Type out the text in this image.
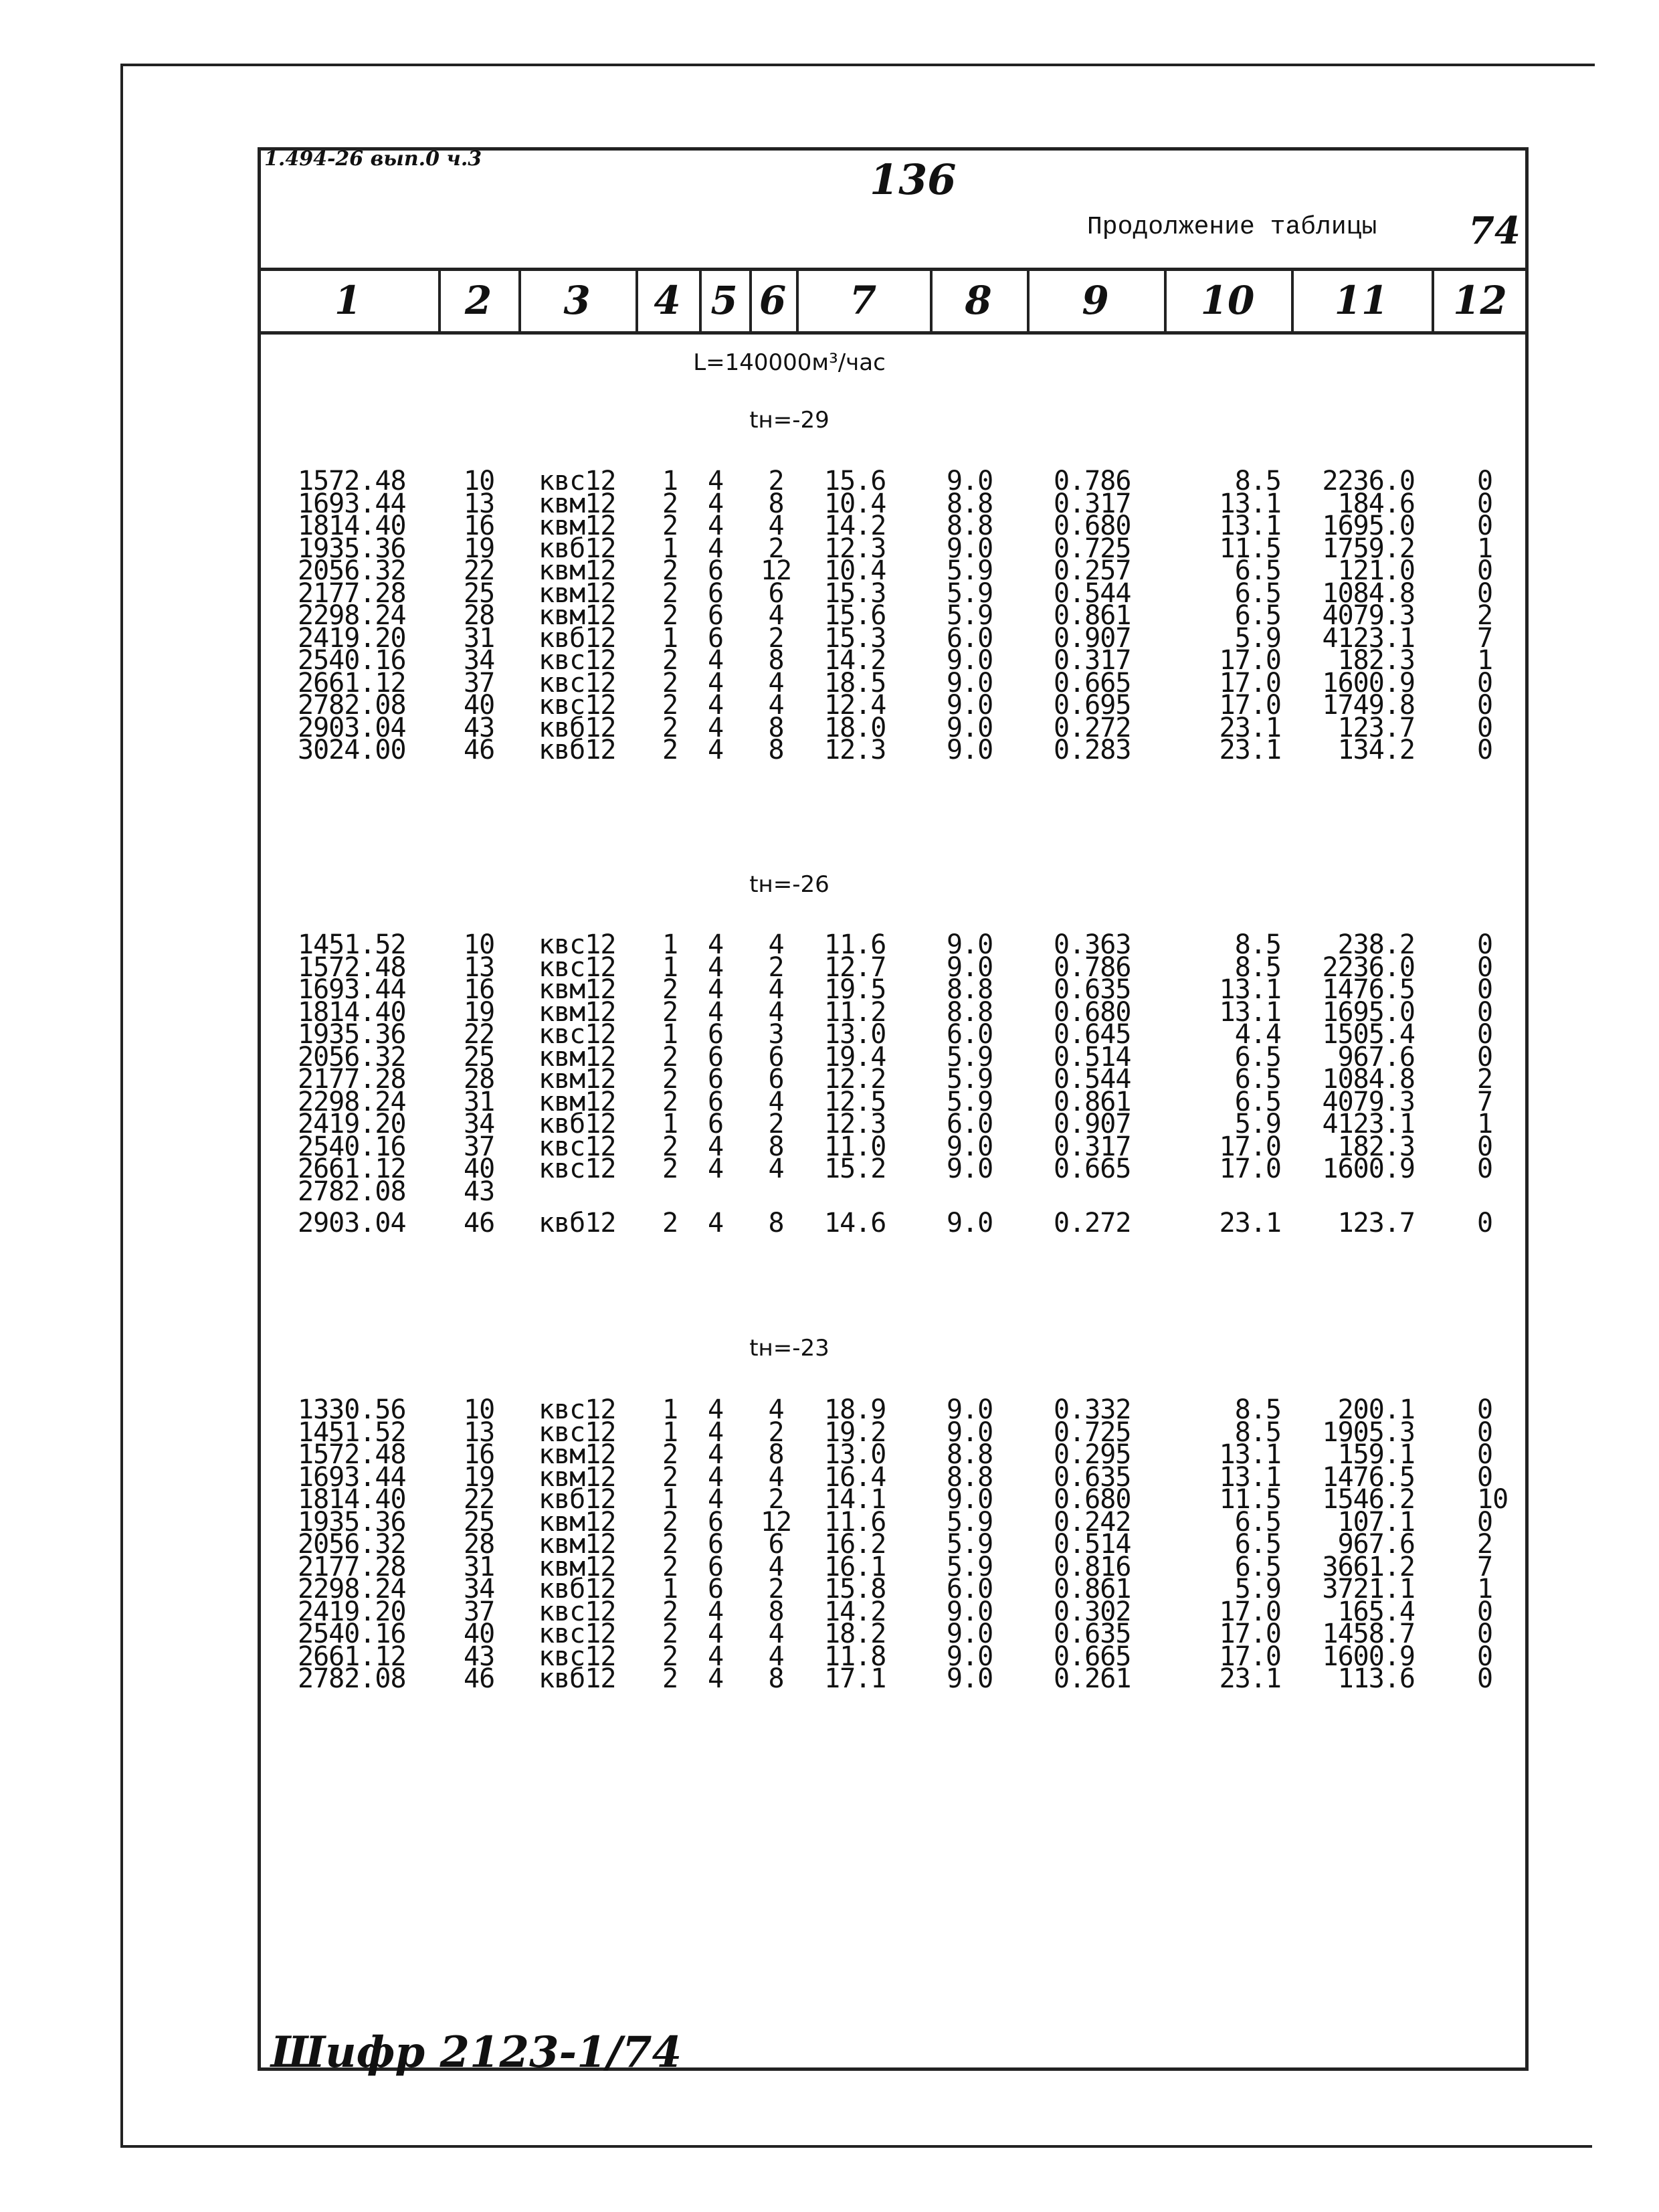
1.494-26 вып.0 ч.3	136
Продолжение таблицы 74
1	2	3	4 5 6	7	8	9	10	11	12
L=140000м³/час
tн=-29
1572.48 10 квс12 1 4 2 15.6 9.0 0.786	8.5 2236.0 0
1693.44 13 квм12 2 4 8 10.4 8.8 0.317	13.1 184.6 0
1814.40 16 квм12 2 4 4 14.2 8.8 0.680	13.1 1695.0 0
1935.36 19 квб12 1 4 2 12.3 9.0 0.725	11.5 1759.2 1
2056.32 22 квм12 2 6 12 10.4 5.9 0.257	6.5 121.0 0
2177.28 25 квм12 2 6 6 15.3 5.9 0.544	6.5 1084.8 0
2298.24 28 квм12 2 6 4 15.6 5.9 0.861	6.5 4079.3 2
2419.20 31 квб12 1 6 2 15.3 6.0 0.907	5.9 4123.1 7
2540.16 34 квс12 2 4 8 14.2 9.0 0.317	17.0 182.3 1
2661.12 37 квс12 2 4 4 18.5 9.0 0.665	17.0 1600.9 0
2782.08 40 квс12 2 4 4 12.4 9.0 0.695	17.0 1749.8 0
2903.04 43 квб12 2 4 8 18.0 9.0 0.272	23.1 123.7 0
3024.00 46 квб12 2 4 8 12.3 9.0 0.283	23.1 134.2 0
tн=-26
1451.52 10 квс12 1 4 4 11.6 9.0 0.363	8.5 238.2 0
1572.48 13 квс12 1 4 2 12.7 9.0 0.786	8.5 2236.0 0
1693.44 16 квм12 2 4 4 19.5 8.8 0.635	13.1 1476.5 0
1814.40 19 квм12 2 4 4 11.2 8.8 0.680	13.1 1695.0 0
1935.36 22 квс12 1 6 3 13.0 6.0 0.645	4.4 1505.4 0
2056.32 25 квм12 2 6 6 19.4 5.9 0.514	6.5 967.6 0
2177.28 28 квм12 2 6 6 12.2 5.9 0.544	6.5 1084.8 2
2298.24 31 квм12 2 6 4 12.5 5.9 0.861	6.5 4079.3 7
2419.20 34 квб12 1 6 2 12.3 6.0 0.907	5.9 4123.1 1
2540.16 37 квс12 2 4 8 11.0 9.0 0.317	17.0 182.3 0
2661.12 40 квс12 2 4 4 15.2 9.0 0.665	17.0 1600.9 0
2782.08 43
2903.04 46 квб12 2 4 8 14.6 9.0 0.272	23.1 123.7 0
tн=-23
1330.56 10 квс12 1 4 4 18.9 9.0 0.332	8.5 200.1 0
1451.52 13 квс12 1 4 2 19.2 9.0 0.725	8.5 1905.3 0
1572.48 16 квм12 2 4 8 13.0 8.8 0.295	13.1 159.1 0
1693.44 19 квм12 2 4 4 16.4 8.8 0.635	13.1 1476.5 0
1814.40 22 квб12 1 4 2 14.1 9.0 0.680	11.5 1546.2 10
1935.36 25 квм12 2 6 12 11.6 5.9 0.242	6.5 107.1 0
2056.32 28 квм12 2 6 6 16.2 5.9 0.514	6.5 967.6 2
2177.28 31 квм12 2 6 4 16.1 5.9 0.816	6.5 3661.2 7
2298.24 34 квб12 1 6 2 15.8 6.0 0.861	5.9 3721.1 1
2419.20 37 квс12 2 4 8 14.2 9.0 0.302	17.0 165.4 0
2540.16 40 квс12 2 4 4 18.2 9.0 0.635	17.0 1458.7 0
2661.12 43 квс12 2 4 4 11.8 9.0 0.665	17.0 1600.9 0
2782.08 46 квб12 2 4 8 17.1 9.0 0.261	23.1 113.6 0
Шифр 2123-1/74
